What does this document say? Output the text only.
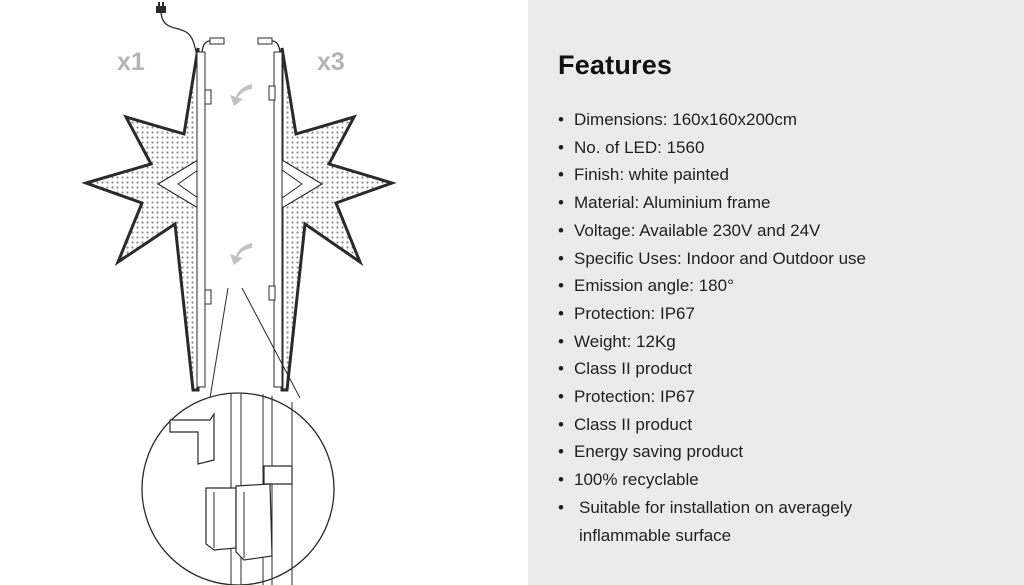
x1	x3	Features
• Dimensions: 160x160x200cm
• No. of LED: 1560
• Finish: white painted
• Material: Aluminium frame
• Voltage: Available 230V and 24V
• Specific Uses: Indoor and Outdoor use
• Emission angle: 180°
• Protection: IP67
• Weight: 12Kg
• Class II product
• Protection: IP67
• Class II product
• Energy saving product
• 100% recyclable
• Suitable for installation on averagely inflammable surface
